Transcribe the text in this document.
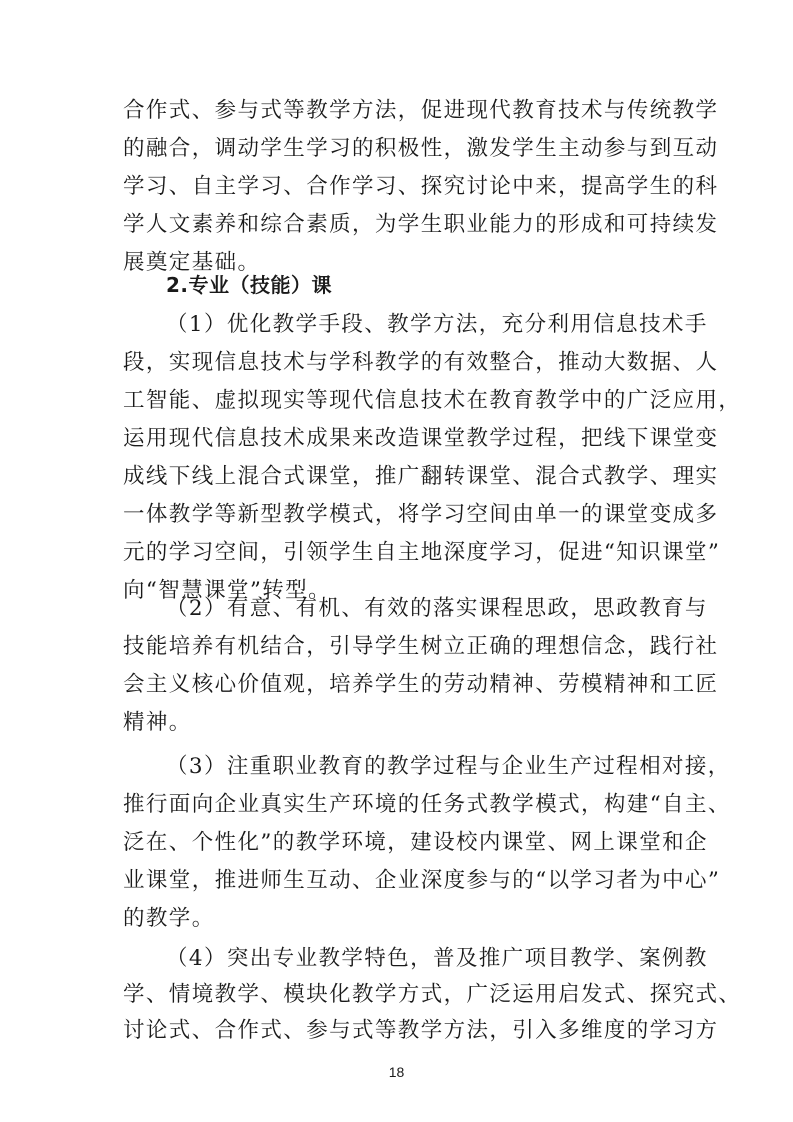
合作式、参与式等教学方法，促进现代教育技术与传统教学
的融合，调动学生学习的积极性，激发学生主动参与到互动
学习、自主学习、合作学习、探究讨论中来，提高学生的科
学人文素养和综合素质，为学生职业能力的形成和可持续发
展奠定基础。
2.专业（技能）课
（1）优化教学手段、教学方法，充分利用信息技术手
段，实现信息技术与学科教学的有效整合，推动大数据、人
工智能、虚拟现实等现代信息技术在教育教学中的广泛应用，
运用现代信息技术成果来改造课堂教学过程，把线下课堂变
成线下线上混合式课堂，推广翻转课堂、混合式教学、理实
一体教学等新型教学模式，将学习空间由单一的课堂变成多
元的学习空间，引领学生自主地深度学习，促进“知识课堂”
向“智慧课堂”转型。
（2）有意、有机、有效的落实课程思政，思政教育与
技能培养有机结合，引导学生树立正确的理想信念，践行社
会主义核心价值观，培养学生的劳动精神、劳模精神和工匠
精神。
（3）注重职业教育的教学过程与企业生产过程相对接，
推行面向企业真实生产环境的任务式教学模式，构建“自主、
泛在、个性化”的教学环境，建设校内课堂、网上课堂和企
业课堂，推进师生互动、企业深度参与的“以学习者为中心”
的教学。
（4）突出专业教学特色，普及推广项目教学、案例教
学、情境教学、模块化教学方式，广泛运用启发式、探究式、
讨论式、合作式、参与式等教学方法，引入多维度的学习方
18
